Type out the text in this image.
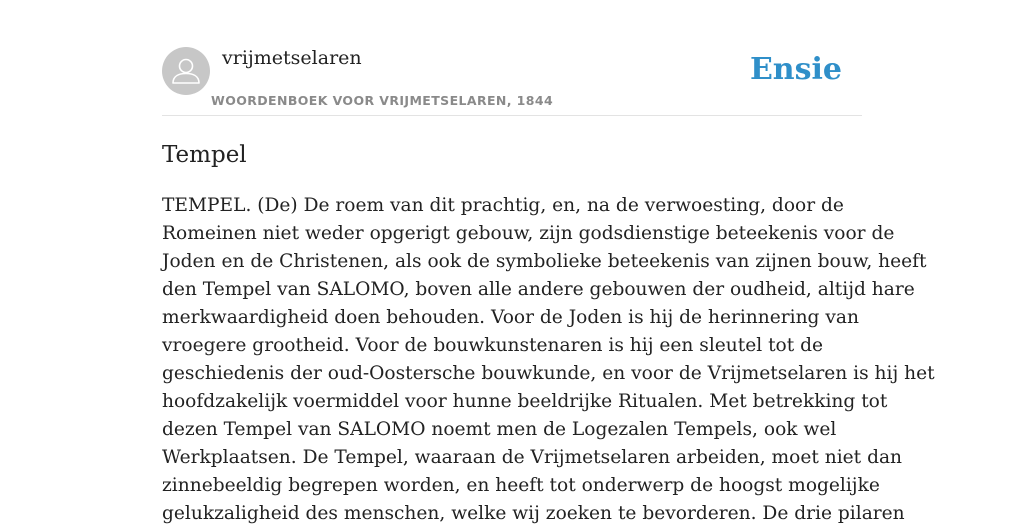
vrijmetselaren
WOORDENBOEK VOOR VRIJMETSELAREN, 1844
Ensie
Tempel

TEMPEL. (De) De roem van dit prachtig, en, na de verwoesting, door de
Romeinen niet weder opgerigt gebouw, zijn godsdienstige beteekenis voor de
Joden en de Christenen, als ook de symbolieke beteekenis van zijnen bouw, heeft
den Tempel van SALOMO, boven alle andere gebouwen der oudheid, altijd hare
merkwaardigheid doen behouden. Voor de Joden is hij de herinnering van
vroegere grootheid. Voor de bouwkunstenaren is hij een sleutel tot de
geschiedenis der oud-Oostersche bouwkunde, en voor de Vrijmetselaren is hij het
hoofdzakelijk voermiddel voor hunne beeldrijke Ritualen. Met betrekking tot
dezen Tempel van SALOMO noemt men de Logezalen Tempels, ook wel
Werkplaatsen. De Tempel, waaraan de Vrijmetselaren arbeiden, moet niet dan
zinnebeeldig begrepen worden, en heeft tot onderwerp de hoogst mogelijke
gelukzaligheid des menschen, welke wij zoeken te bevorderen. De drie pilaren
